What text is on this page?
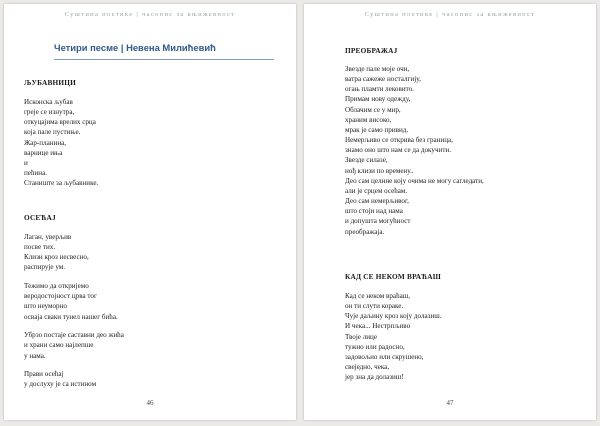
Суштина поетике | часопис за књижевност
Четири песме | Невена Милићевић
ЉУБАВНИЦИ
Исконска љубав
греје се изнутра,
откуцајима врелих срца
која пале пустиње.
Жар-планина,
варнице иња
и
пећина.
Станиште за љубавнике.
ОСЕЋАЈ
Лаган, уверљив
посве тих.
Клизи кроз несвесно,
распирује ум.
Тежимо да откријемо
веродостојност црва тог
што неуморно
освaja сваки тунел нашег бића.
Убрзо постаје саставни део жића
и храни само најлепше
у нама.
Прави осећај
у дослуху је са истином
46
Суштина поетике | часопис за књижевност
ПРЕОБРАЖАЈ
Звезде пале моје очи,
ватра сажеже носталгију,
огањ пламти лековито.
Примам нову одежду,
Облачим се у мир,
храним високо,
мрак је само привид.
Немерљиво се открива без граница,
знамо оно што нам се да докучити.
Звезде силазе,
нођ клизи по времену..
Део сам целине коју очима не могу сагледати,
али је срцем осећам.
Део сам немерљивог,
што стоји над нама
и допушта могућност
преображаја.
КАД СЕ НЕКОМ ВРАЋАШ
Кад се неком враћаш,
он ти слути кораке.
Чује дaљину кроз коју долазиш.
И чека... Нестрпљиво
Твоје лице
тужно или радосно,
задовољно или скрушено,
свеједно, чека,
јер зна да долазиш!
47
